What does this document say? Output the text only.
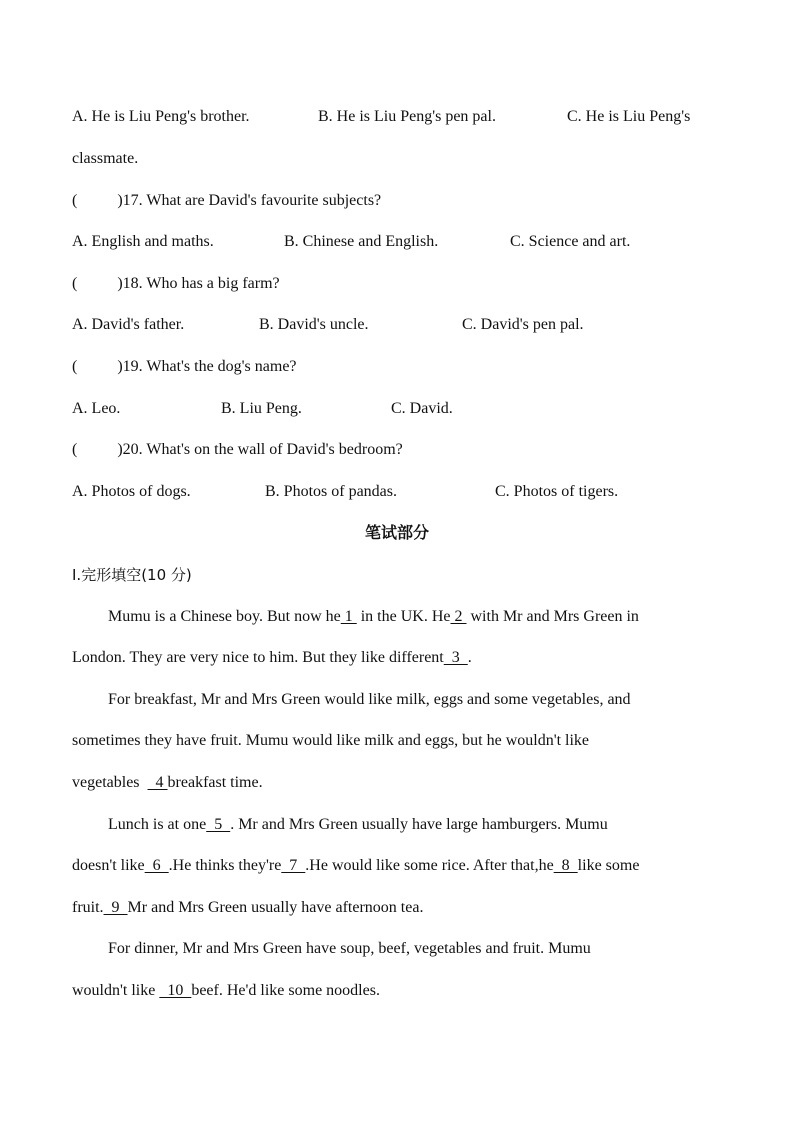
A. He is Liu Peng's brother.	B. He is Liu Peng's pen pal.	C. He is Liu Peng's
classmate.
(          )17. What are David's favourite subjects?
A. English and maths.	B. Chinese and English.	C. Science and art.
(          )18. Who has a big farm?
A. David's father.	B. David's uncle.	C. David's pen pal.
(          )19. What's the dog's name?
A. Leo.	B. Liu Peng.	C. David.
(          )20. What's on the wall of David's bedroom?
A. Photos of dogs.	B. Photos of pandas.	C. Photos of tigers.
笔试部分
I.完形填空(10 分)
Mumu is a Chinese boy. But now he 1  in the UK. He 2  with Mr and Mrs Green in
London. They are very nice to him. But they like different  3  .
For breakfast, Mr and Mrs Green would like milk, eggs and some vegetables, and
sometimes they have fruit. Mumu would like milk and eggs, but he wouldn't like
vegetables    4 breakfast time.
Lunch is at one  5  . Mr and Mrs Green usually have large hamburgers. Mumu
doesn't like  6  .He thinks they're  7  .He would like some rice. After that,he  8  like some
fruit.  9  Mr and Mrs Green usually have afternoon tea.
For dinner, Mr and Mrs Green have soup, beef, vegetables and fruit. Mumu
wouldn't like   10  beef. He'd like some noodles.
